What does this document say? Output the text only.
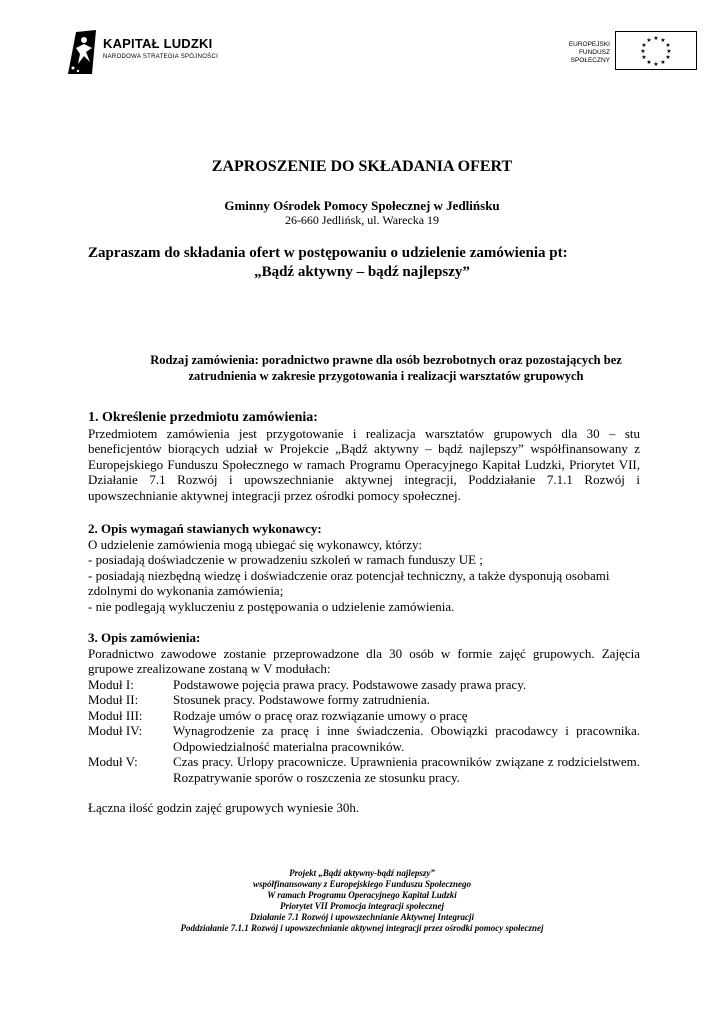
KAPITAŁ LUDZKI
NARODOWA STRATEGIA SPÓJNOŚCI
EUROPEJSKI
FUNDUSZ SPOŁECZNY
★ ★
★
★
★
★
★
★
★
★
★
★
ZAPROSZENIE DO SKŁADANIA OFERT
Gminny Ośrodek Pomocy Społecznej w Jedlińsku
26-660 Jedlińsk, ul. Warecka 19
Zapraszam do składania ofert w postępowaniu o udzielenie zamówienia pt:
„Bądź aktywny – bądź najlepszy”
Rodzaj zamówienia: poradnictwo prawne dla osób bezrobotnych oraz pozostających bez zatrudnienia w zakresie przygotowania i realizacji warsztatów grupowych
1. Określenie przedmiotu zamówienia:
Przedmiotem zamówienia jest przygotowanie i realizacja warsztatów grupowych dla 30 – stu beneficjentów biorących udział w Projekcie „Bądź aktywny – bądź najlepszy” współfinansowany z Europejskiego Funduszu Społecznego w ramach Programu Operacyjnego Kapitał Ludzki, Priorytet VII, Działanie 7.1 Rozwój i upowszechnianie aktywnej integracji, Poddziałanie 7.1.1 Rozwój i upowszechnianie aktywnej integracji przez ośrodki pomocy społecznej.
2. Opis wymagań stawianych wykonawcy:
O udzielenie zamówienia mogą ubiegać się wykonawcy, którzy:
- posiadają doświadczenie w prowadzeniu szkoleń w ramach funduszy UE ;
- posiadają niezbędną wiedzę i doświadczenie oraz potencjał techniczny, a także dysponują osobami zdolnymi do wykonania zamówienia;
- nie podlegają wykluczeniu z postępowania o udzielenie zamówienia.
3. Opis zamówienia:
Poradnictwo zawodowe zostanie przeprowadzone dla 30 osób w formie zajęć grupowych. Zajęcia grupowe zrealizowane zostaną w V modułach:
Moduł I:	Podstawowe pojęcia prawa pracy. Podstawowe zasady prawa pracy.
Moduł II:	Stosunek pracy. Podstawowe formy zatrudnienia.
Moduł III:	Rodzaje umów o pracę oraz rozwiązanie umowy o pracę
Moduł IV:	Wynagrodzenie za pracę i inne świadczenia. Obowiązki pracodawcy i pracownika. Odpowiedzialność materialna pracowników.
Moduł V:	Czas pracy. Urlopy pracownicze. Uprawnienia pracowników związane z rodzicielstwem. Rozpatrywanie sporów o roszczenia ze stosunku pracy.
Łączna ilość godzin zajęć grupowych wyniesie 30h.
Projekt „Bądź aktywny-bądź najlepszy”
współfinansowany z Europejskiego Funduszu Społecznego
W ramach Programu Operacyjnego Kapitał Ludzki
Priorytet VII Promocja integracji społecznej
Działanie 7.1 Rozwój i upowszechnianie Aktywnej Integracji
Poddziałanie 7.1.1 Rozwój i upowszechnianie aktywnej integracji przez ośrodki pomocy społecznej
